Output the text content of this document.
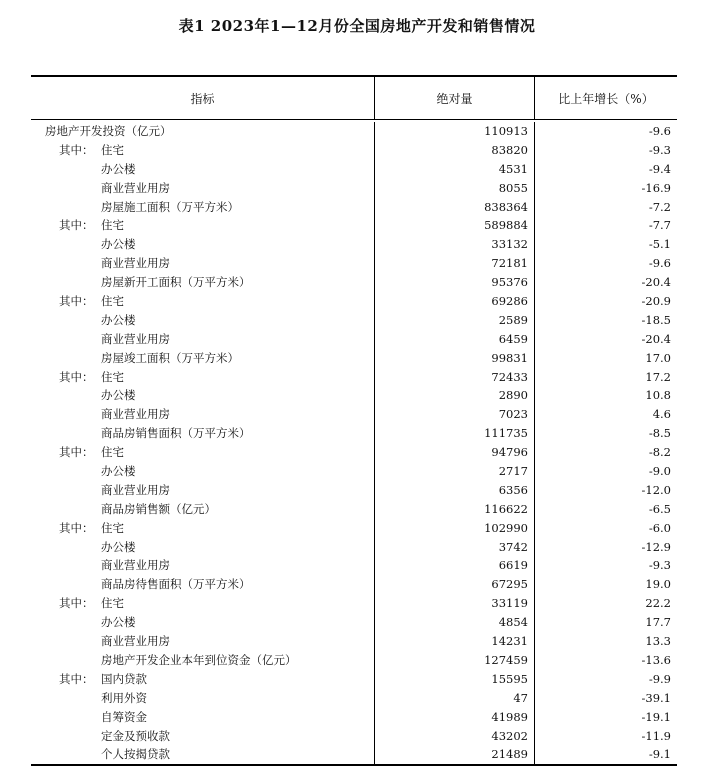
表1 2023年1—12月份全国房地产开发和销售情况
指标	绝对量	比上年增长（%）
房地产开发投资（亿元）	110913	-9.6
其中： 住宅	83820	-9.3
办公楼	4531	-9.4
商业营业用房	8055	-16.9
房屋施工面积（万平方米）	838364	-7.2
其中： 住宅	589884	-7.7
办公楼	33132	-5.1
商业营业用房	72181	-9.6
房屋新开工面积（万平方米）	95376	-20.4
其中： 住宅	69286	-20.9
办公楼	2589	-18.5
商业营业用房	6459	-20.4
房屋竣工面积（万平方米）	99831	17.0
其中： 住宅	72433	17.2
办公楼	2890	10.8
商业营业用房	7023	4.6
商品房销售面积（万平方米）	111735	-8.5
其中： 住宅	94796	-8.2
办公楼	2717	-9.0
商业营业用房	6356	-12.0
商品房销售额（亿元）	116622	-6.5
其中： 住宅	102990	-6.0
办公楼	3742	-12.9
商业营业用房	6619	-9.3
商品房待售面积（万平方米）	67295	19.0
其中： 住宅	33119	22.2
办公楼	4854	17.7
商业营业用房	14231	13.3
房地产开发企业本年到位资金（亿元）	127459	-13.6
其中： 国内贷款	15595	-9.9
利用外资	47	-39.1
自筹资金	41989	-19.1
定金及预收款	43202	-11.9
个人按揭贷款	21489	-9.1
